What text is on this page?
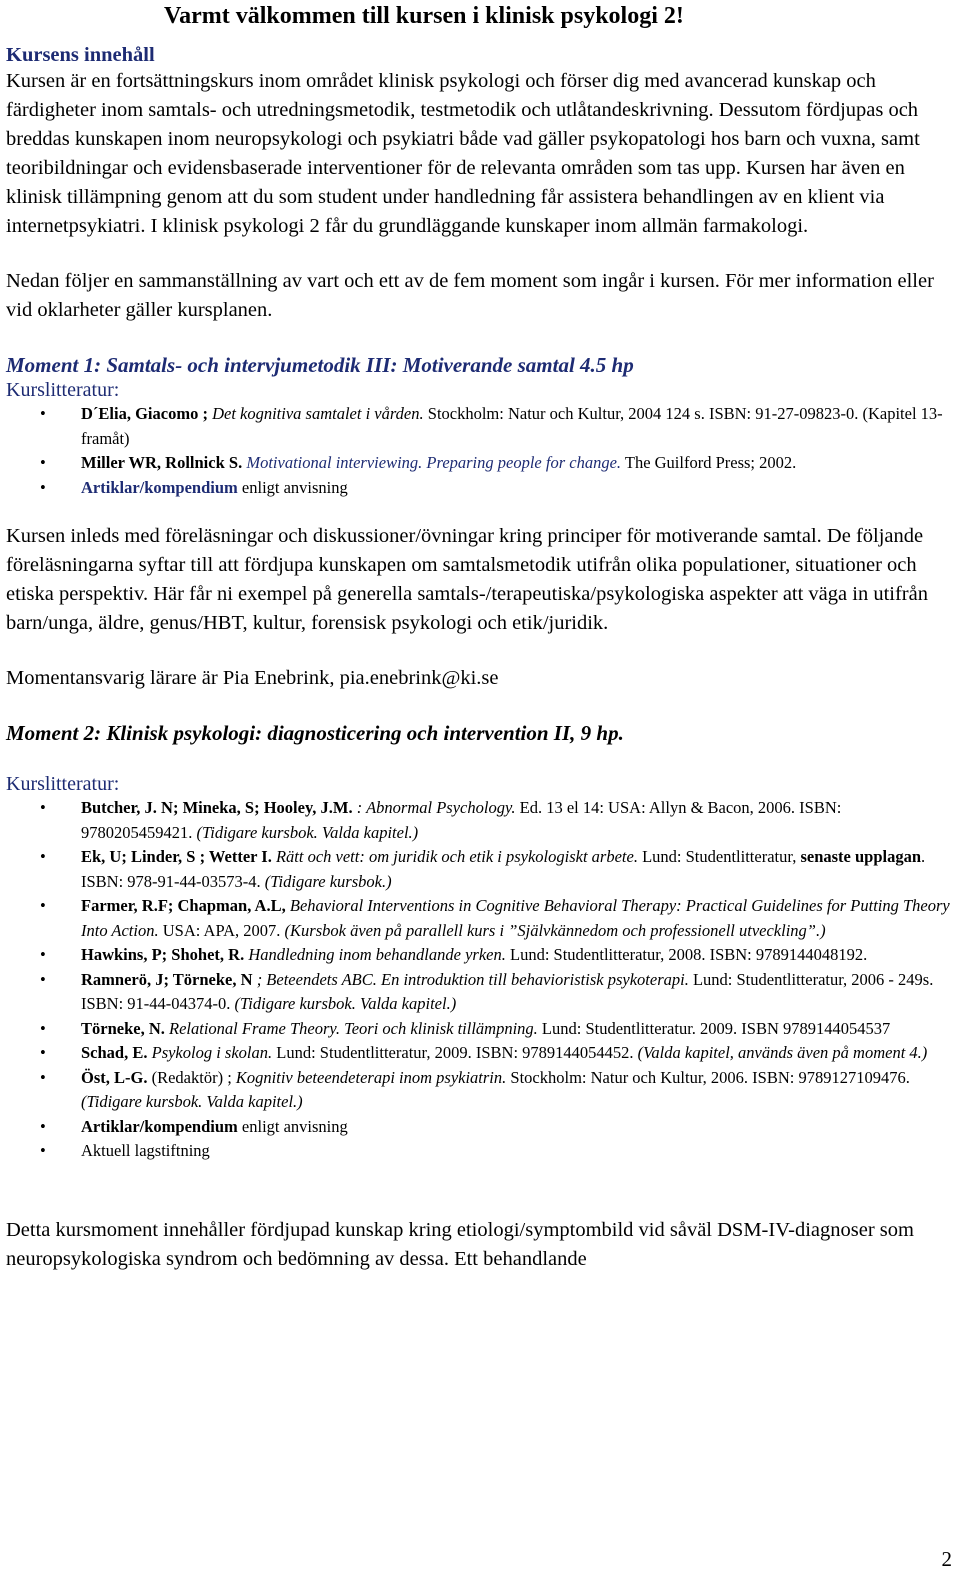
Varmt välkommen till kursen i klinisk psykologi 2!
Kursens innehåll

Kursen är en fortsättningskurs inom området klinisk psykologi och förser dig med avancerad kunskap och färdigheter inom samtals- och utredningsmetodik, testmetodik och utlåtandeskrivning. Dessutom fördjupas och breddas kunskapen inom neuropsykologi och psykiatri både vad gäller psykopatologi hos barn och vuxna, samt teoribildningar och evidensbaserade interventioner för de relevanta områden som tas upp. Kursen har även en klinisk tillämpning genom att du som student under handledning får assistera behandlingen av en klient via internetpsykiatri. I klinisk psykologi 2 får du grundläggande kunskaper inom allmän farmakologi.

Nedan följer en sammanställning av vart och ett av de fem moment som ingår i kursen. För mer information eller vid oklarheter gäller kursplanen.

Moment 1: Samtals- och intervjumetodik III: Motiverande samtal 4.5 hp
Kurslitteratur:
• D´Elia, Giacomo ; Det kognitiva samtalet i vården. Stockholm: Natur och Kultur, 2004 124 s. ISBN: 91-27-09823-0. (Kapitel 13- framåt)
• Miller WR, Rollnick S. Motivational interviewing. Preparing people for change. The Guilford Press; 2002.
• Artiklar/kompendium enligt anvisning

Kursen inleds med föreläsningar och diskussioner/övningar kring principer för motiverande samtal. De följande föreläsningarna syftar till att fördjupa kunskapen om samtalsmetodik utifrån olika populationer, situationer och etiska perspektiv. Här får ni exempel på generella samtals-/terapeutiska/psykologiska aspekter att väga in utifrån barn/unga, äldre, genus/HBT, kultur, forensisk psykologi och etik/juridik.

Momentansvarig lärare är Pia Enebrink, pia.enebrink@ki.se

Moment 2: Klinisk psykologi: diagnosticering och intervention II, 9 hp.
Kurslitteratur:
• Butcher, J. N; Mineka, S; Hooley, J.M. : Abnormal Psychology. Ed. 13 el 14: USA: Allyn & Bacon, 2006. ISBN: 9780205459421. (Tidigare kursbok. Valda kapitel.)
• Ek, U; Linder, S ; Wetter I. Rätt och vett: om juridik och etik i psykologiskt arbete. Lund: Studentlitteratur, senaste upplagan. ISBN: 978-91-44-03573-4. (Tidigare kursbok.)
• Farmer, R.F; Chapman, A.L, Behavioral Interventions in Cognitive Behavioral Therapy: Practical Guidelines for Putting Theory Into Action. USA: APA, 2007. (Kursbok även på parallell kurs i ”Självkännedom och professionell utveckling”.)
• Hawkins, P; Shohet, R. Handledning inom behandlande yrken. Lund: Studentlitteratur, 2008. ISBN: 9789144048192.
• Ramnerö, J; Törneke, N ; Beteendets ABC. En introduktion till behavioristisk psykoterapi. Lund: Studentlitteratur, 2006 - 249s. ISBN: 91-44-04374-0. (Tidigare kursbok. Valda kapitel.)
• Törneke, N. Relational Frame Theory. Teori och klinisk tillämpning. Lund: Studentlitteratur. 2009. ISBN 9789144054537
• Schad, E. Psykolog i skolan. Lund: Studentlitteratur, 2009. ISBN: 9789144054452. (Valda kapitel, används även på moment 4.)
• Öst, L-G. (Redaktör) ; Kognitiv beteendeterapi inom psykiatrin. Stockholm: Natur och Kultur, 2006. ISBN: 9789127109476. (Tidigare kursbok. Valda kapitel.)
• Artiklar/kompendium enligt anvisning
• Aktuell lagstiftning

Detta kursmoment innehåller fördjupad kunskap kring etiologi/symptombild vid såväl DSM-IV-diagnoser som neuropsykologiska syndrom och bedömning av dessa. Ett behandlande

2
